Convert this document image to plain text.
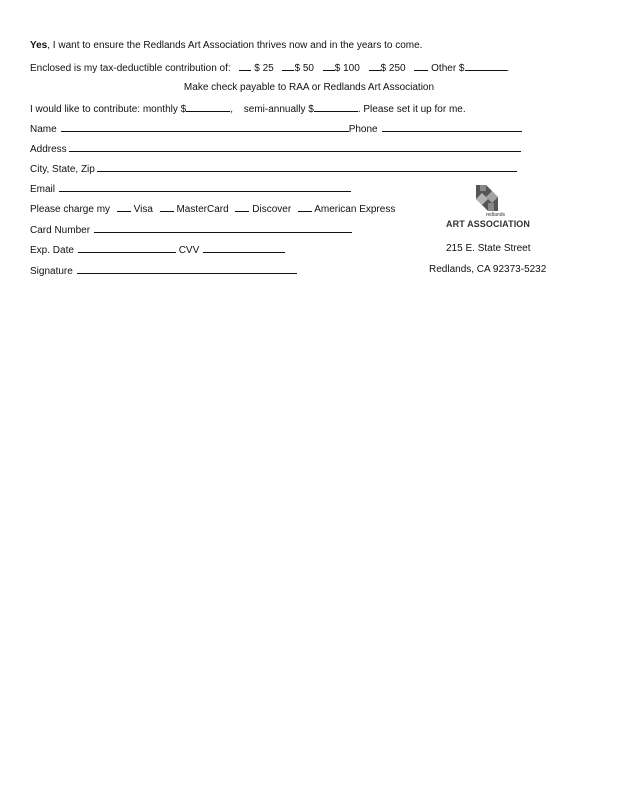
Yes, I want to ensure the Redlands Art Association thrives now and in the years to come.
Enclosed is my tax-deductible contribution of: $ 25 $ 50 $ 100 $ 250	Other $	.
Make check payable to RAA or Redlands Art Association
I would like to contribute: monthly $	, semi-annually $	. Please set it up for me.
Name	Phone
Address
City, State, Zip
Email
Please charge my Visa MasterCard Discover American Express
Card Number
Exp. Date	CVV
Signature
redlands
ART ASSOCIATION
215 E. State Street
Redlands, CA 92373-5232
